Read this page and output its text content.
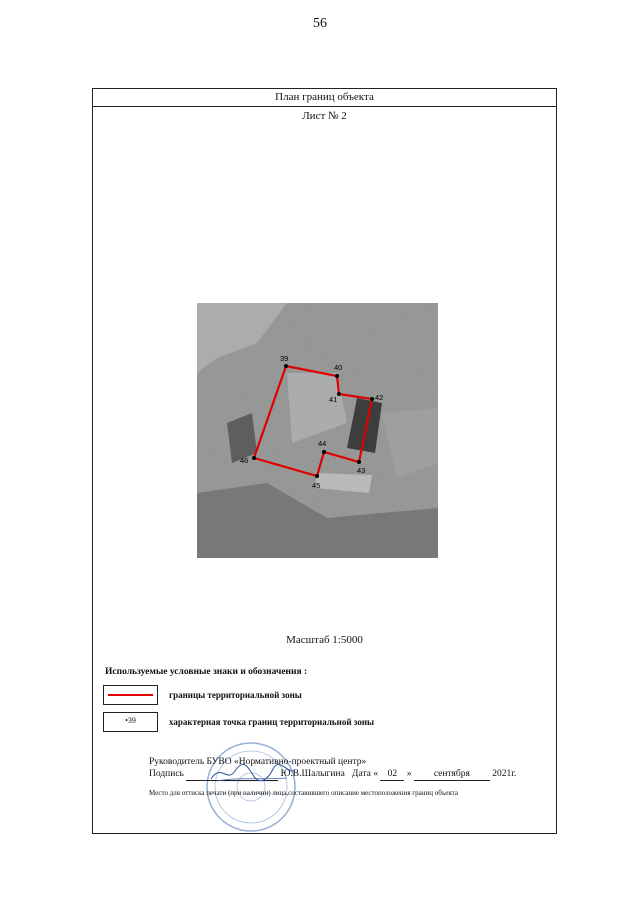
56
План границ объекта
Лист № 2
39
40
41	42
43
44
45
46
Масштаб 1:5000
Используемые условные знаки и обозначения :
границы территориальной зоны
•39	характерная точка границ территориальной зоны
Руководитель БУВО «Нормативно-проектный центр»
Подпись	Ю.В.Шалыгина Дата « 02 » сентября 2021г.
Место для оттиска печати (при наличии) лица,составившего описание местоположения границ объекта
